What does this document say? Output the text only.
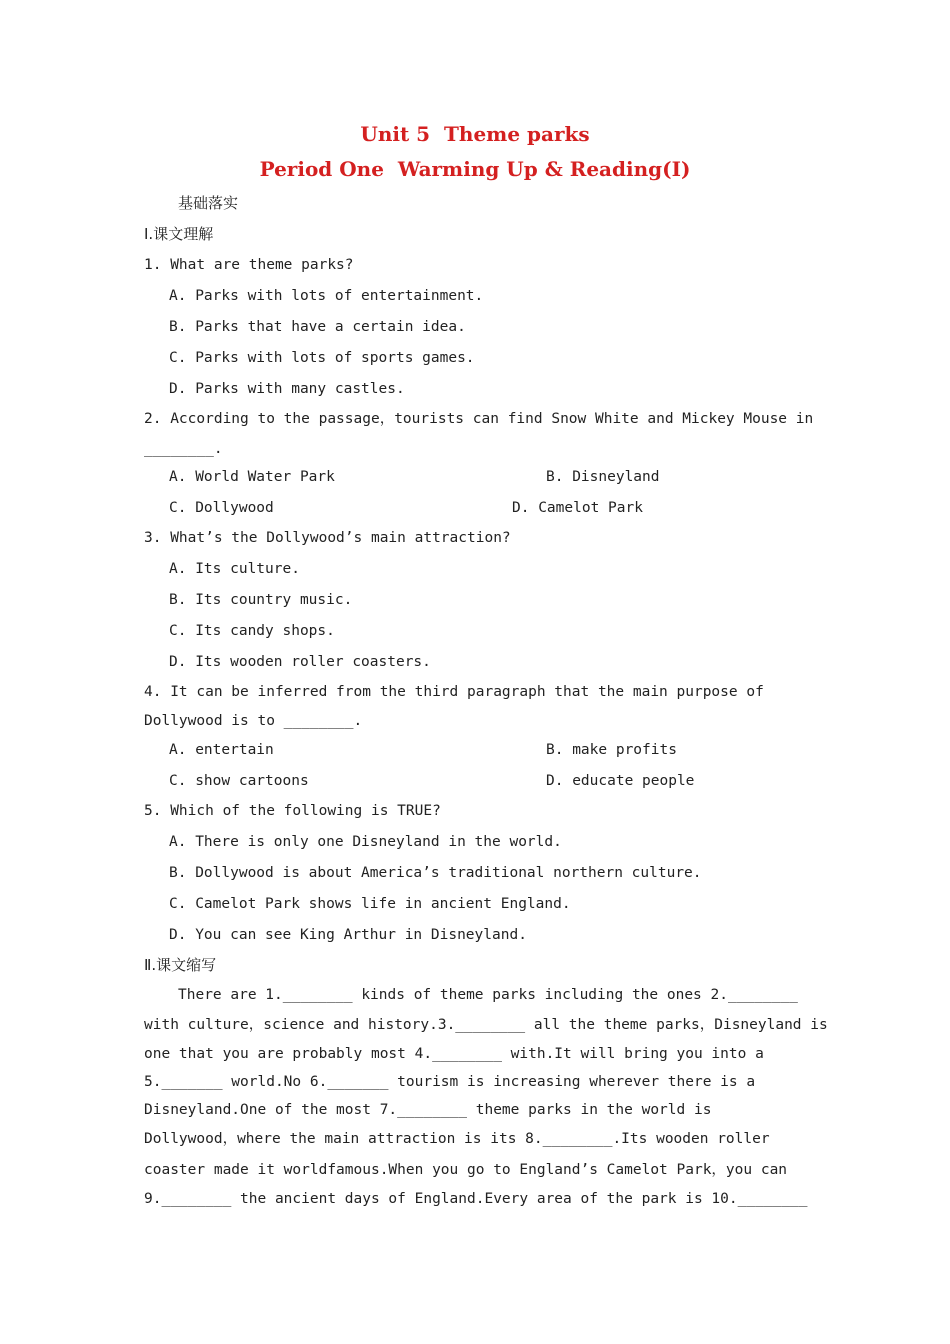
Unit 5  Theme parks
Period One  Warming Up & Reading(Ⅰ)
基础落实
Ⅰ.课文理解
1. What are theme parks?
A. Parks with lots of entertainment.
B. Parks that have a certain idea.
C. Parks with lots of sports games.
D. Parks with many castles.
2. According to the passage，tourists can find Snow White and Mickey Mouse in
________.
A. World Water Park	B. Disneyland
C. Dollywood	D. Camelot Park
3. What’s the Dollywood’s main attraction?
A. Its culture.
B. Its country music.
C. Its candy shops.
D. Its wooden roller coasters.
4. It can be inferred from the third paragraph that the main purpose of
Dollywood is to ________.
A. entertain	B. make profits
C. show cartoons	D. educate people
5. Which of the following is TRUE?
A. There is only one Disneyland in the world.
B. Dollywood is about America’s traditional northern culture.
C. Camelot Park shows life in ancient England.
D. You can see King Arthur in Disneyland.
Ⅱ.课文缩写
There are 1.________ kinds of theme parks including the ones 2.________
with culture，science and history.3.________ all the theme parks，Disneyland is
one that you are probably most 4.________ with.It will bring you into a
5._______ world.No 6._______ tourism is increasing wherever there is a
Disneyland.One of the most 7.________ theme parks in the world is
Dollywood，where the main attraction is its 8.________.Its wooden roller
coaster made it worldfamous.When you go to England’s Camelot Park，you can
9.________ the ancient days of England.Every area of the park is 10.________
